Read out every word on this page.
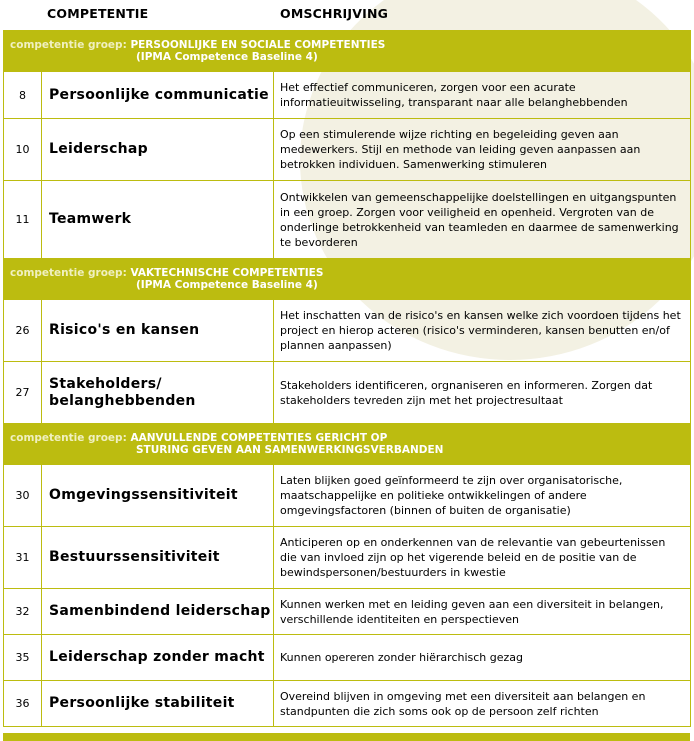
COMPETENTIE	OMSCHRIJVING
competentie groep: PERSOONLIJKE EN SOCIALE COMPETENTIES
(IPMA Competence Baseline 4)		

8	Persoonlijke communicatie	Het effectief communiceren, zorgen voor een acurate informatieuitwisseling, transparant naar alle belanghebbenden
10	Leiderschap	Op een stimulerende wijze richting en begeleiding geven aan medewerkers. Stijl en methode van leiding geven aanpassen aan betrokken individuen. Samenwerking stimuleren
11	Teamwerk	Ontwikkelen van gemeenschappelijke doelstellingen en uitgangspunten in een groep. Zorgen voor veiligheid en openheid. Vergroten van de onderlinge betrokkenheid van teamleden en daarmee de samenwerking te bevorderen
competentie groep: VAKTECHNISCHE COMPETENTIES
(IPMA Competence Baseline 4)		

26	Risico's en kansen	Het inschatten van de risico's en kansen welke zich voordoen tijdens het project en hierop acteren (risico's verminderen, kansen benutten en/of plannen aanpassen)
27	Stakeholders/ belanghebbenden	Stakeholders identificeren, orgnaniseren en informeren. Zorgen dat stakeholders tevreden zijn met het projectresultaat
competentie groep: AANVULLENDE COMPETENTIES GERICHT OP
STURING GEVEN AAN SAMENWERKINGSVERBANDEN		

30	Omgevingssensitiviteit	Laten blijken goed geïnformeerd te zijn over organisatorische, maatschappelijke en politieke ontwikkelingen of andere omgevingsfactoren (binnen of buiten de organisatie)
31	Bestuurssensitiviteit	Anticiperen op en onderkennen van de relevantie van gebeurtenissen die van invloed zijn op het vigerende beleid en de positie van de bewindspersonen/bestuurders in kwestie
32	Samenbindend leiderschap	Kunnen werken met en leiding geven aan een diversiteit in belangen, verschillende identiteiten en perspectieven
35	Leiderschap zonder macht	Kunnen opereren zonder hiërarchisch gezag
36	Persoonlijke stabiliteit	Overeind blijven in omgeving met een diversiteit aan belangen en standpunten die zich soms ook op de persoon zelf richten
